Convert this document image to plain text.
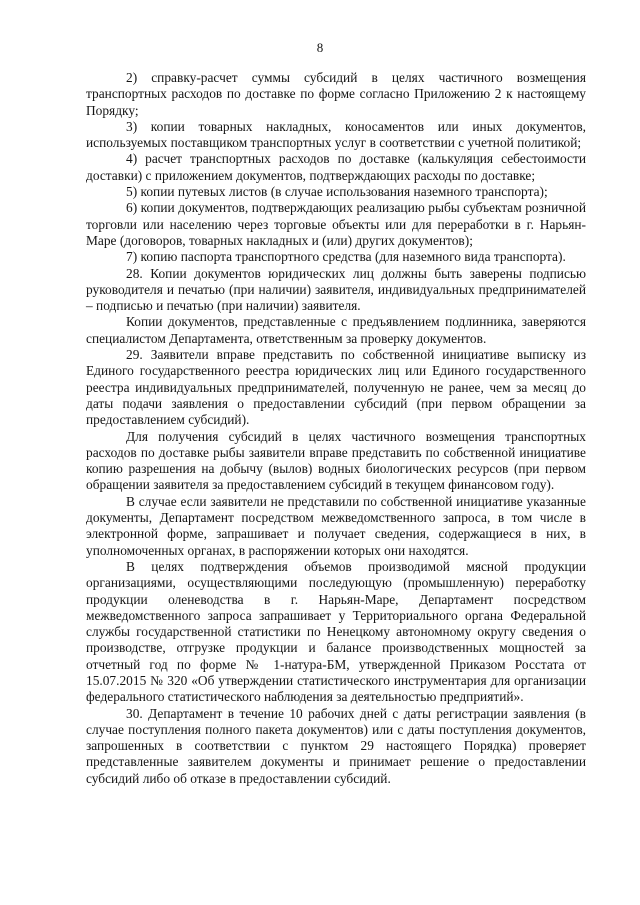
8

2) справку-расчет суммы субсидий в целях частичного возмещения транспортных расходов по доставке по форме согласно Приложению 2 к настоящему Порядку;

3) копии товарных накладных, коносаментов или иных документов, используемых поставщиком транспортных услуг в соответствии с учетной политикой;

4) расчет транспортных расходов по доставке (калькуляция себестоимости доставки) с приложением документов, подтверждающих расходы по доставке;

5) копии путевых листов (в случае использования наземного транспорта);

6) копии документов, подтверждающих реализацию рыбы субъектам розничной торговли или населению через торговые объекты или для переработки в г. Нарьян-Маре (договоров, товарных накладных и (или) других документов);

7) копию паспорта транспортного средства (для наземного вида транспорта).

28. Копии документов юридических лиц должны быть заверены подписью руководителя и печатью (при наличии) заявителя, индивидуальных предпринимателей – подписью и печатью (при наличии) заявителя.

Копии документов, представленные с предъявлением подлинника, заверяются специалистом Департамента, ответственным за проверку документов.

29. Заявители вправе представить по собственной инициативе выписку из Единого государственного реестра юридических лиц или Единого государственного реестра индивидуальных предпринимателей, полученную не ранее, чем за месяц до даты подачи заявления о предоставлении субсидий (при первом обращении за предоставлением субсидий).

Для получения субсидий в целях частичного возмещения транспортных расходов по доставке рыбы заявители вправе представить по собственной инициативе копию разрешения на добычу (вылов) водных биологических ресурсов (при первом обращении заявителя за предоставлением субсидий в текущем финансовом году).

В случае если заявители не представили по собственной инициативе указанные документы, Департамент посредством межведомственного запроса, в том числе в электронной форме, запрашивает и получает сведения, содержащиеся в них, в уполномоченных органах, в распоряжении которых они находятся.

В целях подтверждения объемов производимой мясной продукции организациями, осуществляющими последующую (промышленную) переработку продукции оленеводства в г. Нарьян-Маре, Департамент посредством межведомственного запроса запрашивает у Территориального органа Федеральной службы государственной статистики по Ненецкому автономному округу сведения о производстве, отгрузке продукции и балансе производственных мощностей за отчетный год по форме № 1-натура-БМ, утвержденной Приказом Росстата от 15.07.2015 № 320 «Об утверждении статистического инструментария для организации федерального статистического наблюдения за деятельностью предприятий».

30. Департамент в течение 10 рабочих дней с даты регистрации заявления (в случае поступления полного пакета документов) или с даты поступления документов, запрошенных в соответствии с пунктом 29 настоящего Порядка) проверяет представленные заявителем документы и принимает решение о предоставлении субсидий либо об отказе в предоставлении субсидий.
